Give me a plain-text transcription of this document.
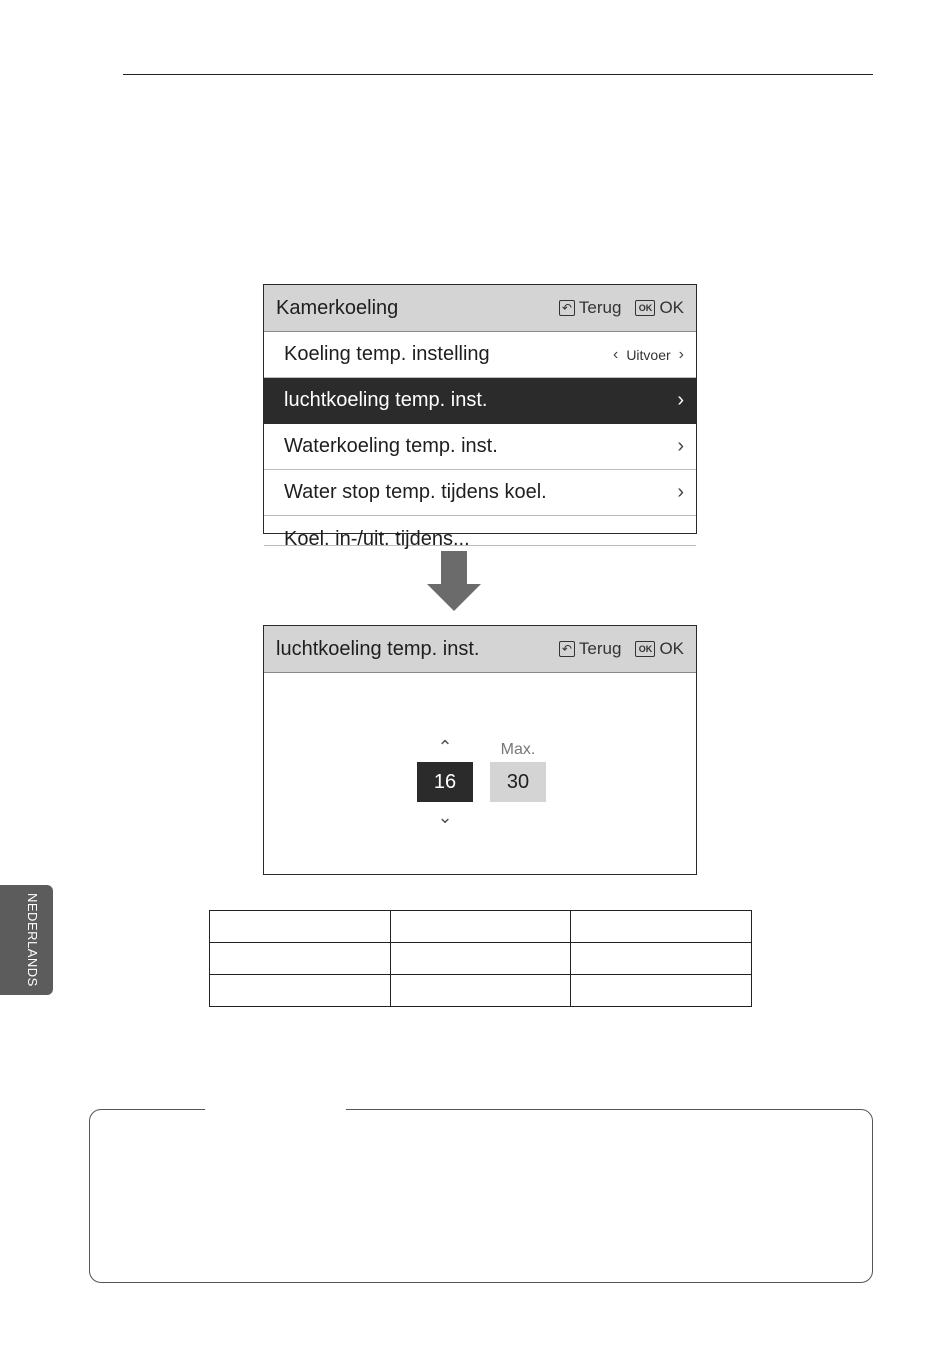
Kamerkoeling	↶ Terug	OK OK
Koeling temp. instelling	‹ Uitvoer ›
luchtkoeling temp. inst.	›
Waterkoeling temp. inst.	›
Water stop temp. tijdens koel.	›
Koel. in-/uit. tijdens...
luchtkoeling temp. inst.	↶ Terug	OK OK
⌃
16
⌄
Max.
30

NEDERLANDS
